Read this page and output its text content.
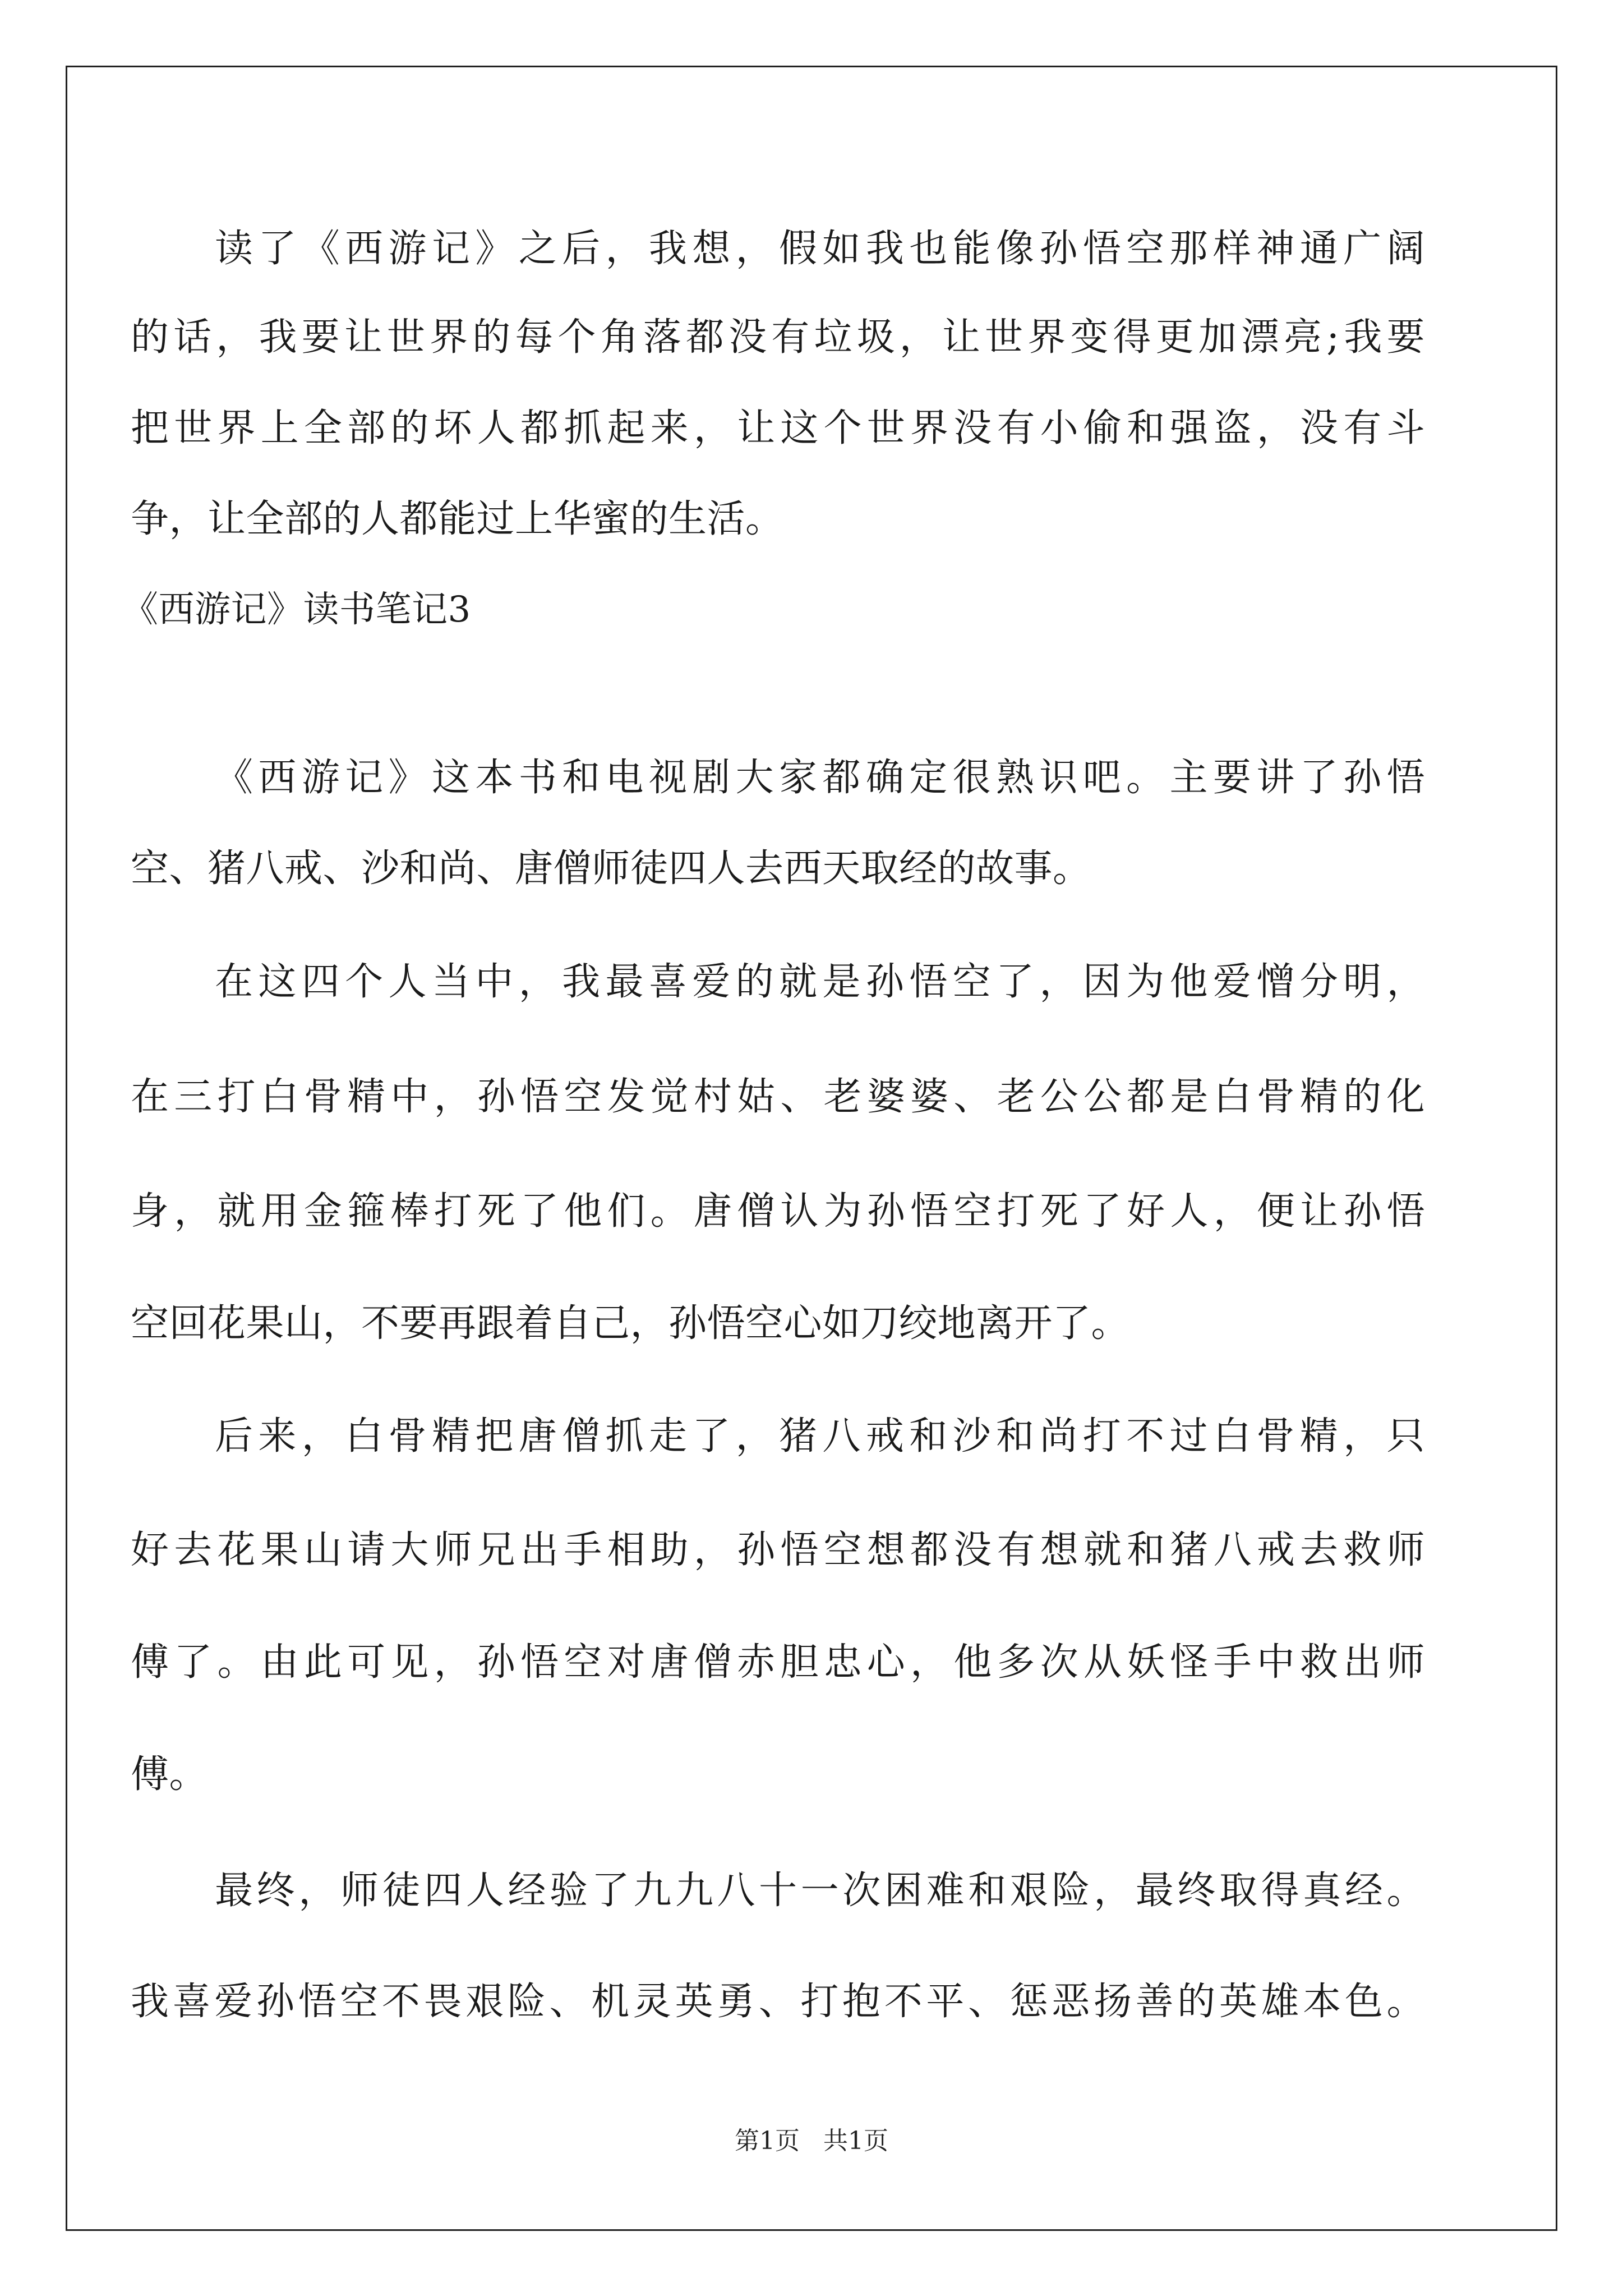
读了《西游记》之后，我想，假如我也能像孙悟空那样神通广阔
的话，我要让世界的每个角落都没有垃圾，让世界变得更加漂亮;我要
把世界上全部的坏人都抓起来，让这个世界没有小偷和强盗，没有斗
争，让全部的人都能过上华蜜的生活。
《西游记》读书笔记3
《西游记》这本书和电视剧大家都确定很熟识吧。主要讲了孙悟
空、猪八戒、沙和尚、唐僧师徒四人去西天取经的故事。
在这四个人当中，我最喜爱的就是孙悟空了，因为他爱憎分明，
在三打白骨精中，孙悟空发觉村姑、老婆婆、老公公都是白骨精的化
身，就用金箍棒打死了他们。唐僧认为孙悟空打死了好人，便让孙悟
空回花果山，不要再跟着自己，孙悟空心如刀绞地离开了。
后来，白骨精把唐僧抓走了，猪八戒和沙和尚打不过白骨精，只
好去花果山请大师兄出手相助，孙悟空想都没有想就和猪八戒去救师
傅了。由此可见，孙悟空对唐僧赤胆忠心，他多次从妖怪手中救出师
傅。
最终，师徒四人经验了九九八十一次困难和艰险，最终取得真经。
我喜爱孙悟空不畏艰险、机灵英勇、打抱不平、惩恶扬善的英雄本色。
第1页   共1页
